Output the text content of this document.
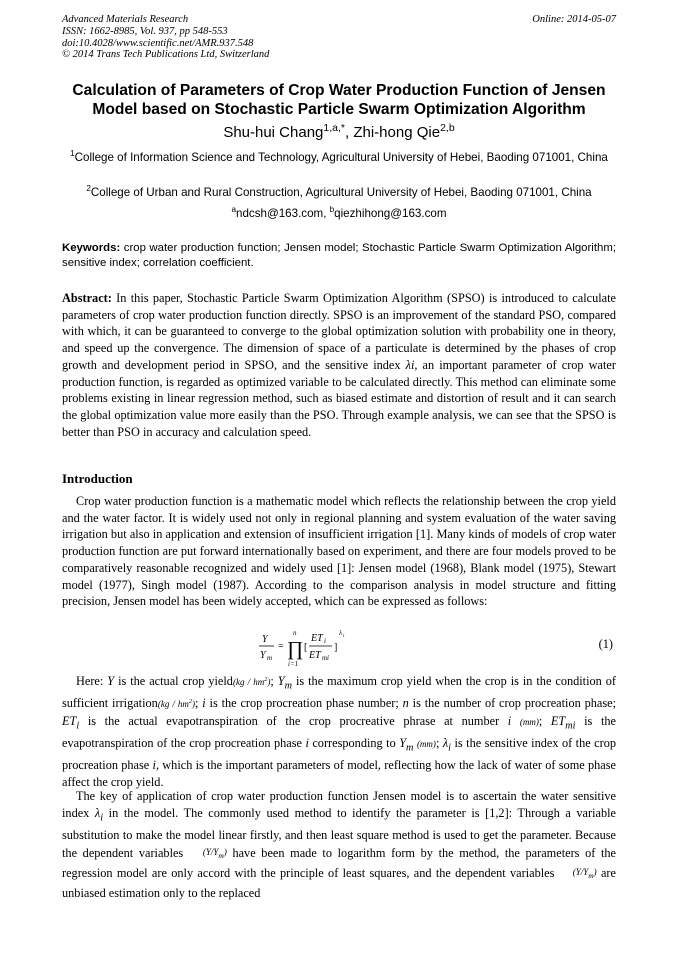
Advanced Materials Research
ISSN: 1662-8985, Vol. 937, pp 548-553
doi:10.4028/www.scientific.net/AMR.937.548
© 2014 Trans Tech Publications Ltd, Switzerland
Online: 2014-05-07
Calculation of Parameters of Crop Water Production Function of Jensen
Model based on Stochastic Particle Swarm Optimization Algorithm
Shu-hui Chang$^{1,a,*}$, Zhi-hong Qie$^{2,b}$
$^1$College of Information Science and Technology, Agricultural University of Hebei, Baoding 071001, China
$^2$College of Urban and Rural Construction, Agricultural University of Hebei, Baoding 071001, China
$^a$ndcsh@163.com, $^b$qiezhihong@163.com
Keywords: crop water production function; Jensen model; Stochastic Particle Swarm Optimization Algorithm; sensitive index; correlation coefficient.
Abstract: In this paper, Stochastic Particle Swarm Optimization Algorithm (SPSO) is introduced to calculate parameters of crop water production function directly. SPSO is an improvement of the standard PSO, compared with which, it can be guaranteed to converge to the global optimization solution with probability one in theory, and speed up the convergence. The dimension of space of a particulate is determined by the phases of crop growth and development period in SPSO, and the sensitive index λi, an important parameter of crop water production function, is regarded as optimized variable to be calculated directly. This method can eliminate some problems existing in linear regression method, such as biased estimate and distortion of result and it can search the global optimization value more easily than the PSO. Through example analysis, we can see that the SPSO is better than PSO in accuracy and calculation speed.
Introduction
Crop water production function is a mathematic model which reflects the relationship between the crop yield and the water factor. It is widely used not only in regional planning and system evaluation of the water saving irrigation but also in application and extension of insufficient irrigation [1]. Many kinds of models of crop water production function are put forward internationally based on experiment, and there are four models proved to be comparatively reasonable recognized and widely used [1]: Jensen model (1968), Blank model (1975), Stewart model (1977), Singh model (1987). According to the comparison analysis in model structure and fitting precision, Jensen model has been widely accepted, which can be expressed as follows:
Y
Y m
=
n
∏
i=1
[
ET i
ET mi
]
λ i
(1)
Here: Y is the actual crop yield(kg / $hm^2$); $Y_m$ is the maximum crop yield when the crop is in the condition of sufficient irrigation(kg / $hm^2$); i is the crop procreation phase number; n is the number of crop procreation phase; $ET_i$ is the actual evapotranspiration of the crop procreative phrase at number i (mm); $ET_{mi}$ is the evapotranspiration of the crop procreation phase i corresponding to $Y_m$ (mm); $\lambda_i$ is the sensitive index of the crop procreation phase i, which is the important parameters of model, reflecting how the lack of water of some phase affect the crop yield.
The key of application of crop water production function Jensen model is to ascertain the water sensitive index $\lambda_i$ in the model. The commonly used method to identify the parameter is [1,2]: Through a variable substitution to make the model linear firstly, and then least square method is used to get the parameter. Because the dependent variables $(Y/Y_m)$ have been made to logarithm form by the method, the parameters of the regression model are only accord with the principle of least squares, and the dependent variables $(Y/Y_m)$ are unbiased estimation only to the replaced
